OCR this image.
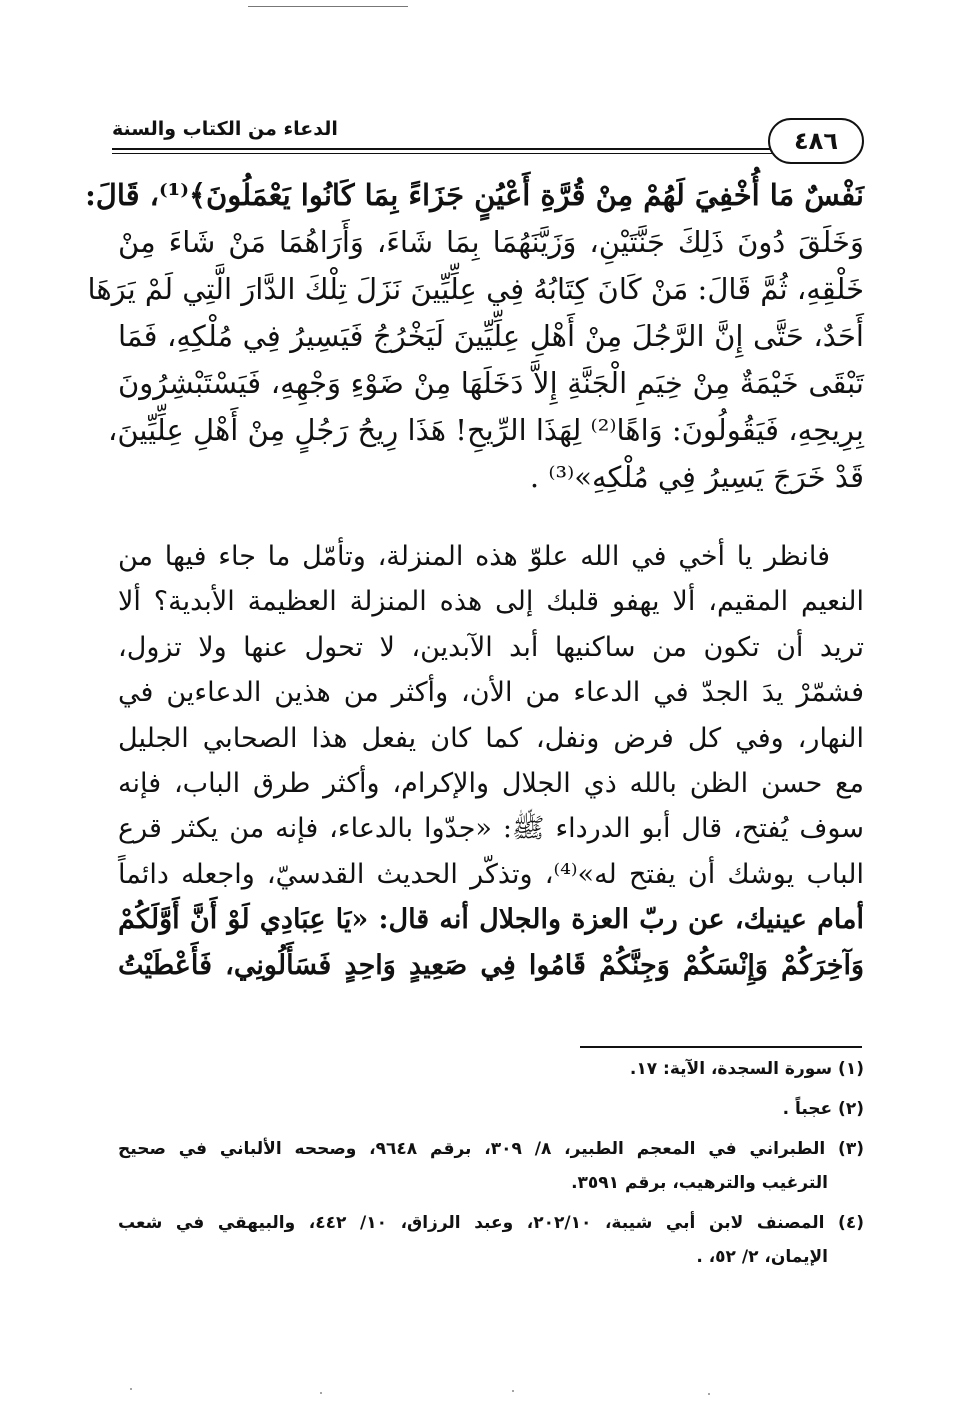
الدعاء من الكتاب والسنة	٤٨٦
نَفْسٌ مَا أُخْفِيَ لَهُمْ مِنْ قُرَّةِ أَعْيُنٍ جَزَاءً بِمَا كَانُوا يَعْمَلُونَ﴾⁽¹⁾، قَالَ:
وَخَلَقَ دُونَ ذَلِكَ جَنَّتَيْنِ، وَزَيَّنَهُمَا بِمَا شَاءَ، وَأَرَاهُمَا مَنْ شَاءَ مِنْ
خَلْقِهِ، ثُمَّ قَالَ: مَنْ كَانَ كِتَابُهُ فِي عِلِّيِّينَ نَزَلَ تِلْكَ الدَّارَ الَّتِي لَمْ يَرَهَا
أَحَدٌ، حَتَّى إِنَّ الرَّجُلَ مِنْ أَهْلِ عِلِّيِّينَ لَيَخْرُجُ فَيَسِيرُ فِي مُلْكِهِ، فَمَا
تَبْقَى خَيْمَةٌ مِنْ خِيَمِ الْجَنَّةِ إِلاَّ دَخَلَهَا مِنْ ضَوْءِ وَجْهِهِ، فَيَسْتَبْشِرُونَ
بِرِيحِهِ، فَيَقُولُونَ: وَاهًا⁽²⁾ لِهَذَا الرِّيحِ! هَذَا رِيحُ رَجُلٍ مِنْ أَهْلِ عِلِّيِّينَ،
قَدْ خَرَجَ يَسِيرُ فِي مُلْكِهِ»⁽³⁾ .
فانظر يا أخي في الله علوّ هذه المنزلة، وتأمّل ما جاء فيها من
النعيم المقيم، ألا يهفو قلبك إلى هذه المنزلة العظيمة الأبدية؟ ألا
تريد أن تكون من ساكنيها أبد الآبدين، لا تحول عنها ولا تزول،
فشمّرْ يدَ الجدّ في الدعاء من الأن، وأكثر من هذين الدعاءين في
النهار، وفي كل فرض ونفل، كما كان يفعل هذا الصحابي الجليل
مع حسن الظن بالله ذي الجلال والإكرام، وأكثر طرق الباب، فإنه
سوف يُفتح، قال أبو الدرداء ﷺ: «جدّوا بالدعاء، فإنه من يكثر قرع
الباب يوشك أن يفتح له»⁽⁴⁾، وتذكّر الحديث القدسيّ، واجعله دائماً
أمام عينيك، عن ربّ العزة والجلال أنه قال: «يَا عِبَادِي لَوْ أَنَّ أَوَّلَكُمْ
وَآخِرَكُمْ وَإِنْسَكُمْ وَجِنَّكُمْ قَامُوا فِي صَعِيدٍ وَاحِدٍ فَسَأَلُونِي، فَأَعْطَيْتُ
(١) سورة السجدة، الآية: ١٧.
(٢) عجباً .
(٣) الطبراني في المعجم الطبير، ٨/ ٣٠٩، برقم ٩٦٤٨، وصححه الألباني في صحيح
الترغيب والترهيب، برقم ٣٥٩١.
(٤) المصنف لابن أبي شيبة، ٢٠٢/١٠، وعبد الرزاق، ١٠/ ٤٤٢، والبيهقي في شعب
الإيمان، ٢/ ٥٢، .
